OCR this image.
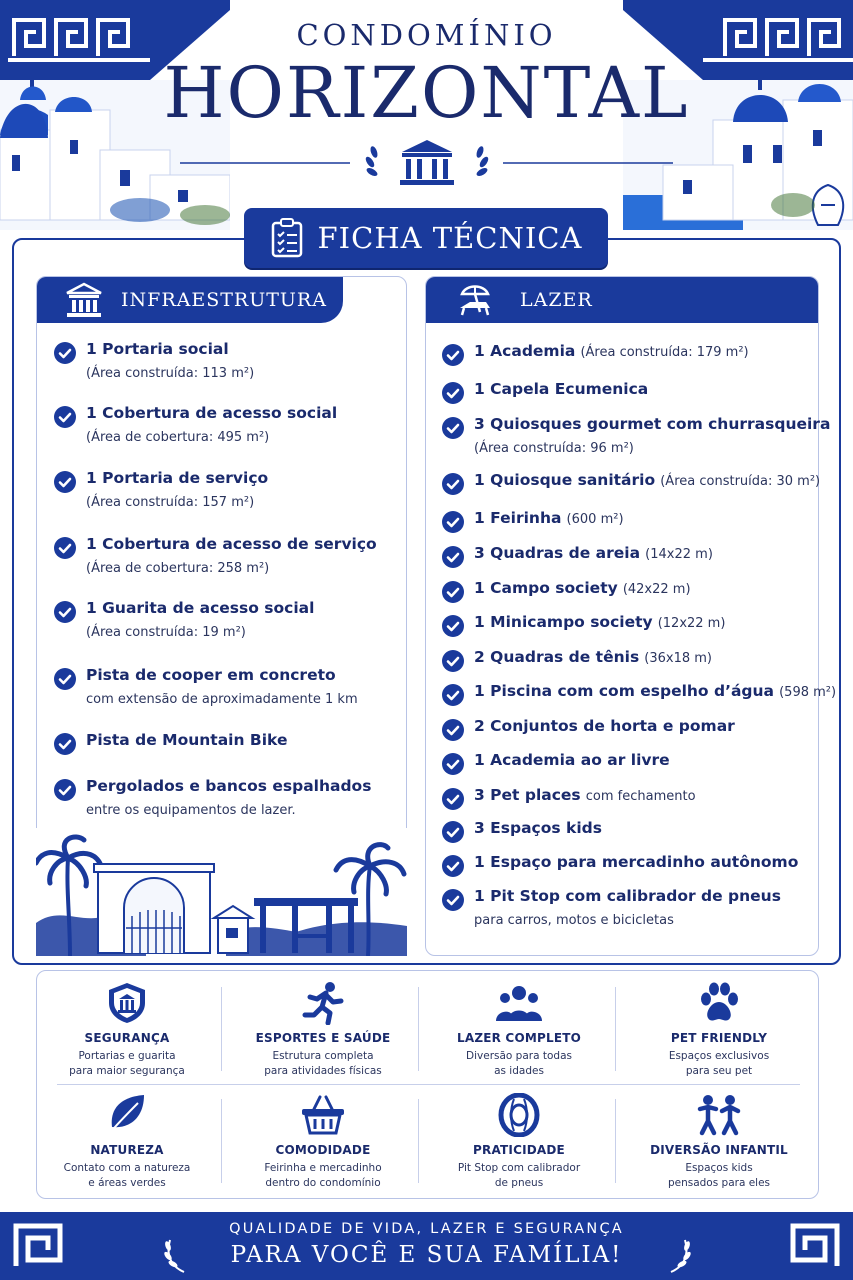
CONDOMÍNIO
HORIZONTAL
FICHA TÉCNICA
INFRAESTRUTURA	LAZER
1 Portaria social
(Área construída: 113 m²)
1 Cobertura de acesso social
(Área de cobertura: 495 m²)
1 Portaria de serviço
(Área construída: 157 m²)
1 Cobertura de acesso de serviço
(Área de cobertura: 258 m²)
1 Guarita de acesso social
(Área construída: 19 m²)
Pista de cooper em concreto
com extensão de aproximadamente 1 km
Pista de Mountain Bike
Pergolados e bancos espalhados
entre os equipamentos de lazer.
1 Academia (Área construída: 179 m²)
1 Capela Ecumenica
3 Quiosques gourmet com churrasqueira
(Área construída: 96 m²)
1 Quiosque sanitário (Área construída: 30 m²)
1 Feirinha (600 m²)
3 Quadras de areia (14x22 m)
1 Campo society (42x22 m)
1 Minicampo society (12x22 m)
2 Quadras de tênis (36x18 m)
1 Piscina com com espelho d’água (598 m²)
2 Conjuntos de horta e pomar
1 Academia ao ar livre
3 Pet places com fechamento
3 Espaços kids
1 Espaço para mercadinho autônomo
1 Pit Stop com calibrador de pneus
para carros, motos e bicicletas
SEGURANÇA
Portarias e guarita
para maior segurança
ESPORTES E SAÚDE
Estrutura completa
para atividades físicas
LAZER COMPLETO
Diversão para todas
as idades
PET FRIENDLY
Espaços exclusivos
para seu pet
NATUREZA
Contato com a natureza
e áreas verdes
COMODIDADE
Feirinha e mercadinho
dentro do condomínio
PRATICIDADE
Pit Stop com calibrador
de pneus
DIVERSÃO INFANTIL
Espaços kids
pensados para eles
QUALIDADE DE VIDA, LAZER E SEGURANÇA
PARA VOCÊ E SUA FAMÍLIA!
